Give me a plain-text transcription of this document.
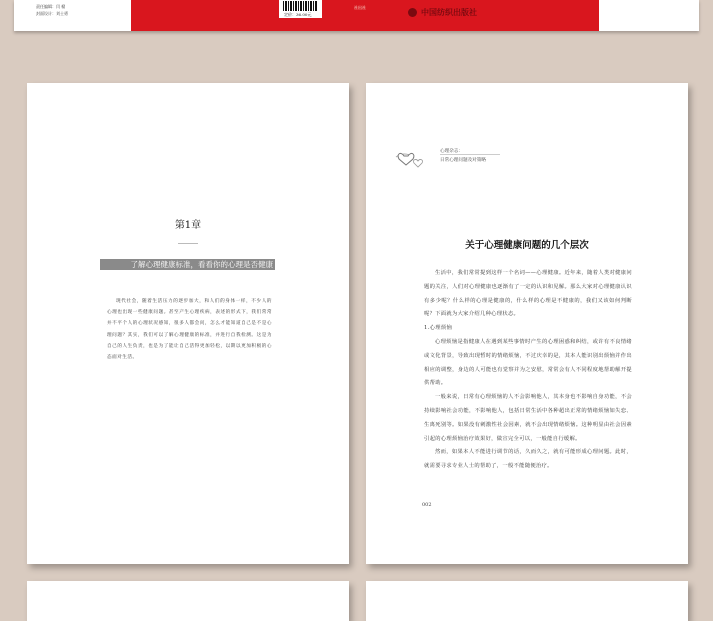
责任编辑：闫 榴
封面设计：刘士勇	定价：36.00元
社出社	中国纺织出版社
第1章
了解心理健康标准，看看你的心理是否健康
现代社会，随着生活压力的逐步加大，和人们的身体一样，不少人的心理也出现一些健康问题。甚至产生心理疾病，表述的形式下，我们常常并不平个人的心理状况感知，很多人都会问，怎么才能知道自己是不是心理问题？其实，我们可以了解心理健康的标准，并进行自我检测。这是为自己的人生负责，也是为了能让自己活得更加轻松，以期以更加积极的心态面对生活。
心理杂志：
日常心理问题及对策略
关于心理健康问题的几个层次

生活中，我们常常提到这样一个名词——心理健康。近年来，随着人类对健康问题的关注，人们对心理健康也逐渐有了一定的认识和见解。那么大家对心理健康认识有多少呢？什么样的心理是健康的，什么样的心理是不健康的，我们又该如何判断呢？下面就为大家介绍几种心理状态。

1.心理烦恼

心理烦恼是指健康人在遇到某些事情时产生的心理困惑和纠结，或许有不良情绪或文化背景，导致出现暂时的情绪烦恼，不过庆幸的是，其本人能识别出烦恼并作出相应的调整，身边的人可能也有觉察并为之安慰，常常会有人不同程度地帮助解开提供帮助。

一般来说，日常有心理烦恼的人不会影响他人，其本身也不影响自身功能，不会持续影响社会功能，不影响他人，包括日常生活中各种超出正常的情绪烦恼如失恋、生离死别等。如果没有刺激性社会因素，就不会出现情绪烦恼。这种明显由社会因素引起的心理烦恼治疗效果好，做宣完全可以，一般能自行缓解。

然而，如果本人不能进行调节的话，久而久之，就有可能形成心理问题。此时，就需要寻求专业人士的帮助了，一般不能随便治疗。

002
